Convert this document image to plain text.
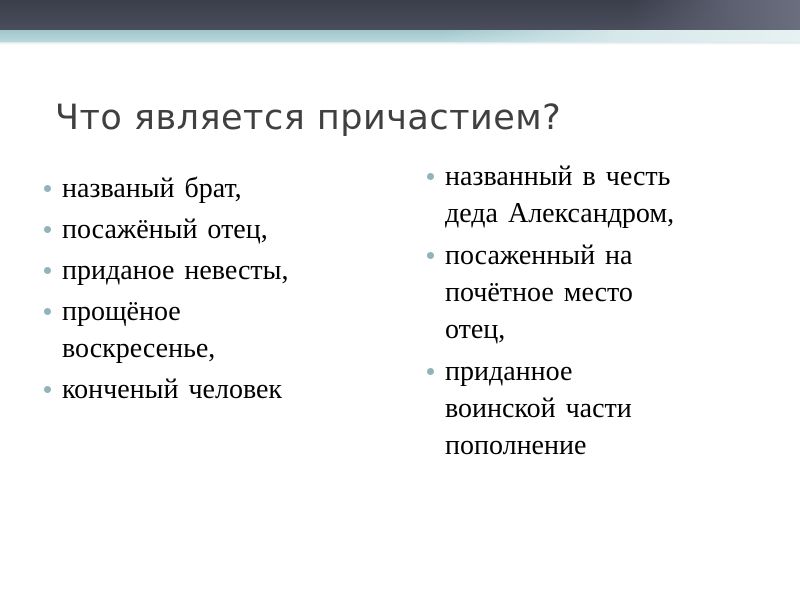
Что является причастием?
названый брат,
посажёный отец,
приданое невесты,
прощёное
воскресенье,
конченый человек
названный в честь
деда Александром,
посаженный на
почётное место
отец,
приданное
воинской части
пополнение
